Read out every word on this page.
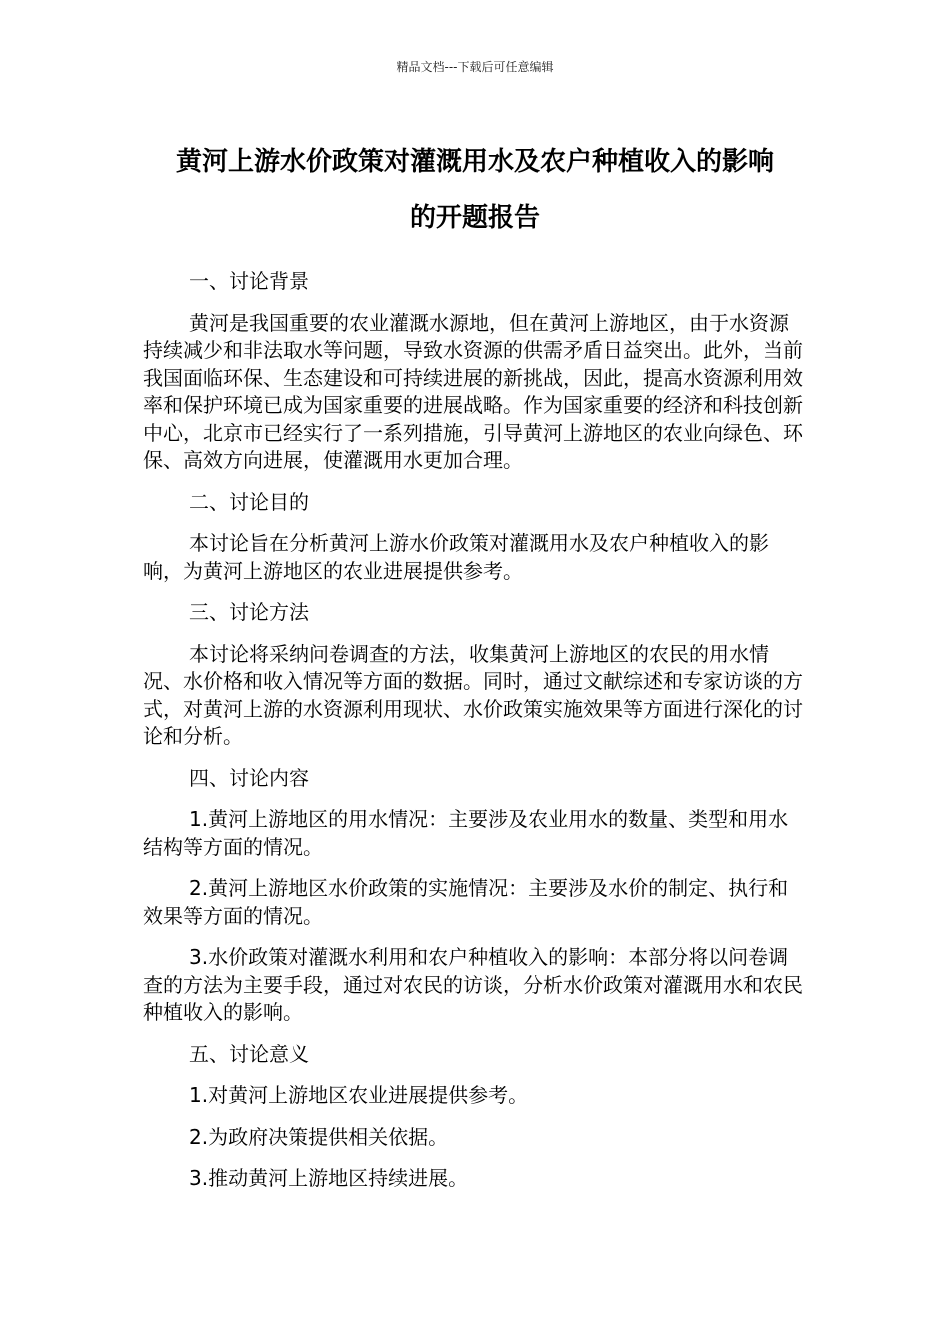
精品文档---下载后可任意编辑
黄河上游水价政策对灌溉用水及农户种植收入的影响
的开题报告

一、讨论背景

黄河是我国重要的农业灌溉水源地，但在黄河上游地区，由于水资源持续减少和非法取水等问题，导致水资源的供需矛盾日益突出。此外，当前我国面临环保、生态建设和可持续进展的新挑战，因此，提高水资源利用效率和保护环境已成为国家重要的进展战略。作为国家重要的经济和科技创新中心，北京市已经实行了一系列措施，引导黄河上游地区的农业向绿色、环保、高效方向进展，使灌溉用水更加合理。

二、讨论目的

本讨论旨在分析黄河上游水价政策对灌溉用水及农户种植收入的影响，为黄河上游地区的农业进展提供参考。

三、讨论方法

本讨论将采纳问卷调查的方法，收集黄河上游地区的农民的用水情况、水价格和收入情况等方面的数据。同时，通过文献综述和专家访谈的方式，对黄河上游的水资源利用现状、水价政策实施效果等方面进行深化的讨论和分析。

四、讨论内容

1.黄河上游地区的用水情况：主要涉及农业用水的数量、类型和用水结构等方面的情况。

2.黄河上游地区水价政策的实施情况：主要涉及水价的制定、执行和效果等方面的情况。

3.水价政策对灌溉水利用和农户种植收入的影响：本部分将以问卷调查的方法为主要手段，通过对农民的访谈，分析水价政策对灌溉用水和农民种植收入的影响。

五、讨论意义

1.对黄河上游地区农业进展提供参考。

2.为政府决策提供相关依据。

3.推动黄河上游地区持续进展。
